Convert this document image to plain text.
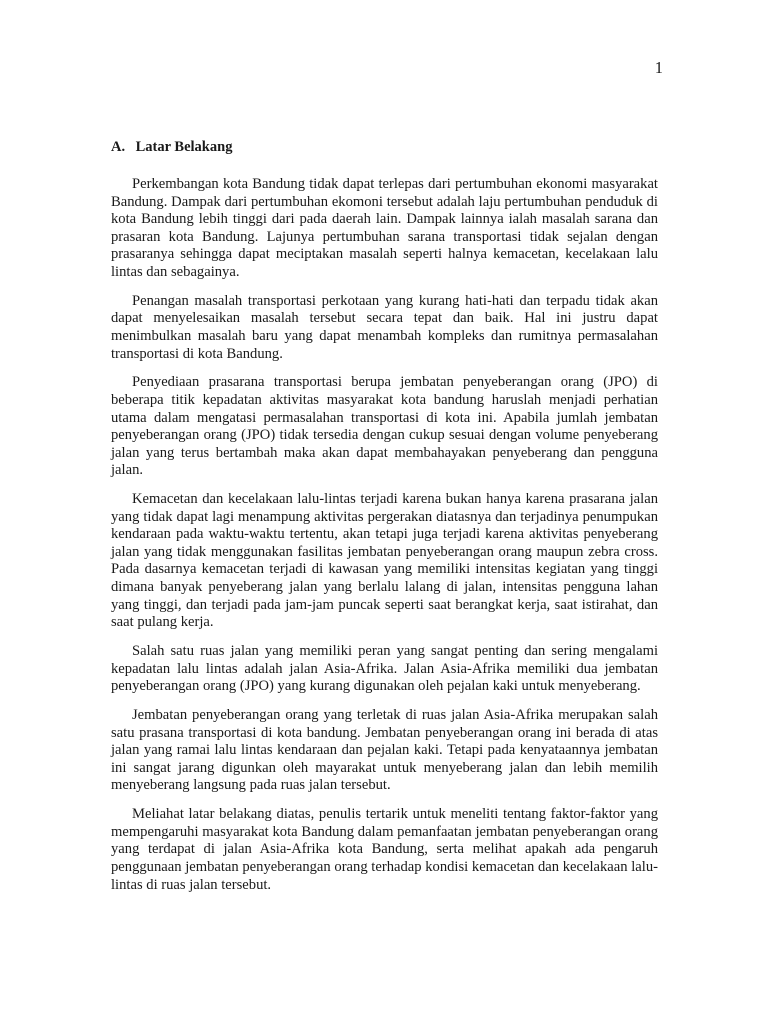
1
A. Latar Belakang

Perkembangan kota Bandung tidak dapat terlepas dari pertumbuhan ekonomi masyarakat Bandung. Dampak dari pertumbuhan ekomoni tersebut adalah laju pertumbuhan penduduk di kota Bandung lebih tinggi dari pada daerah lain. Dampak lainnya ialah masalah sarana dan prasaran kota Bandung. Lajunya pertumbuhan sarana transportasi tidak sejalan dengan prasaranya sehingga dapat meciptakan masalah seperti halnya kemacetan, kecelakaan lalu lintas dan sebagainya.

Penangan masalah transportasi perkotaan yang kurang hati-hati dan terpadu tidak akan dapat menyelesaikan masalah tersebut secara tepat dan baik. Hal ini justru dapat menimbulkan masalah baru yang dapat menambah kompleks dan rumitnya permasalahan transportasi di kota Bandung.

Penyediaan prasarana transportasi berupa jembatan penyeberangan orang (JPO) di beberapa titik kepadatan aktivitas masyarakat kota bandung haruslah menjadi perhatian utama dalam mengatasi permasalahan transportasi di kota ini. Apabila jumlah jembatan penyeberangan orang (JPO) tidak tersedia dengan cukup sesuai dengan volume penyeberang jalan yang terus bertambah maka akan dapat membahayakan penyeberang dan pengguna jalan.

Kemacetan dan kecelakaan lalu-lintas terjadi karena bukan hanya karena prasarana jalan yang tidak dapat lagi menampung aktivitas pergerakan diatasnya dan terjadinya penumpukan kendaraan pada waktu-waktu tertentu, akan tetapi juga terjadi karena aktivitas penyeberang jalan yang tidak menggunakan fasilitas jembatan penyeberangan orang maupun zebra cross. Pada dasarnya kemacetan terjadi di kawasan yang memiliki intensitas kegiatan yang tinggi dimana banyak penyeberang jalan yang berlalu lalang di jalan, intensitas pengguna lahan yang tinggi, dan terjadi pada jam-jam puncak seperti saat berangkat kerja, saat istirahat, dan saat pulang kerja.

Salah satu ruas jalan yang memiliki peran yang sangat penting dan sering mengalami kepadatan lalu lintas adalah jalan Asia-Afrika. Jalan Asia-Afrika memiliki dua jembatan penyeberangan orang (JPO) yang kurang digunakan oleh pejalan kaki untuk menyeberang.

Jembatan penyeberangan orang yang terletak di ruas jalan Asia-Afrika merupakan salah satu prasana transportasi di kota bandung. Jembatan penyeberangan orang ini berada di atas jalan yang ramai lalu lintas kendaraan dan pejalan kaki. Tetapi pada kenyataannya jembatan ini sangat jarang digunkan oleh mayarakat untuk menyeberang jalan dan lebih memilih menyeberang langsung pada ruas jalan tersebut.

Meliahat latar belakang diatas, penulis tertarik untuk meneliti tentang faktor-faktor yang mempengaruhi masyarakat kota Bandung dalam pemanfaatan jembatan penyeberangan orang yang terdapat di jalan Asia-Afrika kota Bandung, serta melihat apakah ada pengaruh penggunaan jembatan penyeberangan orang terhadap kondisi kemacetan dan kecelakaan lalu-lintas di ruas jalan tersebut.
